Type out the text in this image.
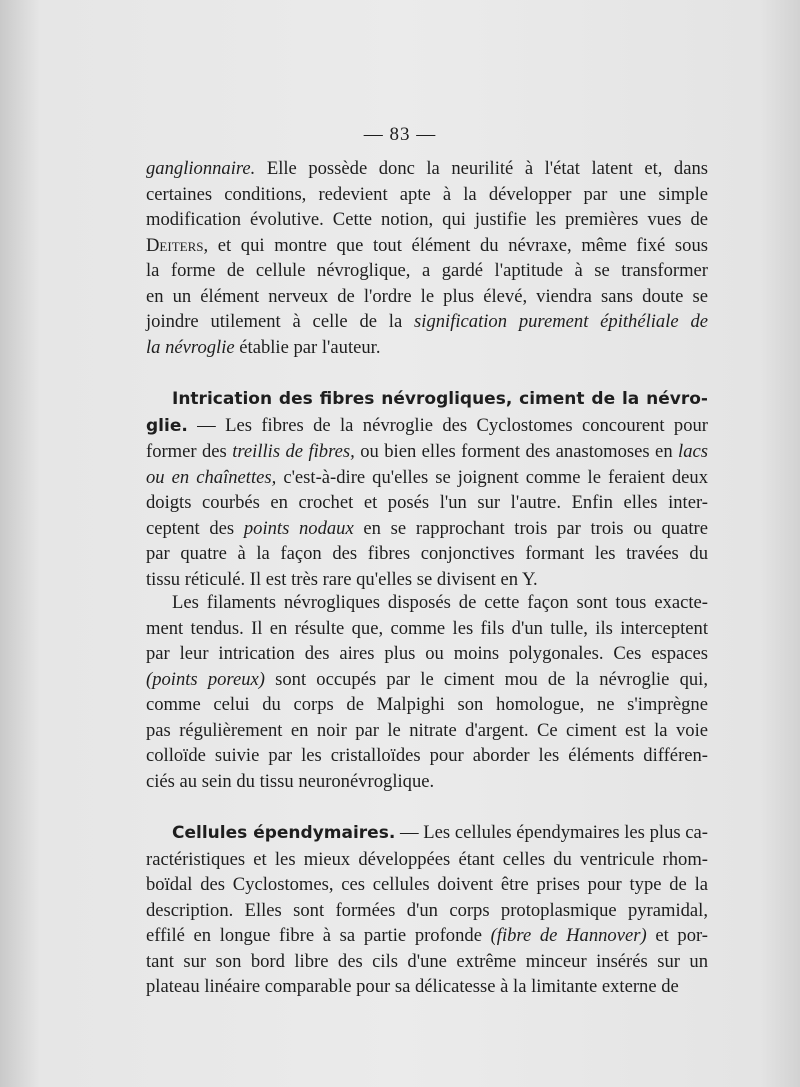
— 83 —
ganglionnaire. Elle possède donc la neurilité à l'état latent et, dans
certaines conditions, redevient apte à la développer par une simple
modification évolutive. Cette notion, qui justifie les premières vues de
Deiters, et qui montre que tout élément du névraxe, même fixé sous
la forme de cellule névroglique, a gardé l'aptitude à se transformer
en un élément nerveux de l'ordre le plus élevé, viendra sans doute se
joindre utilement à celle de la signification purement épithéliale de
la névroglie établie par l'auteur.
Intrication des fibres névrogliques, ciment de la névro-
glie. — Les fibres de la névroglie des Cyclostomes concourent pour
former des treillis de fibres, ou bien elles forment des anastomoses en lacs
ou en chaînettes, c'est-à-dire qu'elles se joignent comme le feraient deux
doigts courbés en crochet et posés l'un sur l'autre. Enfin elles inter-
ceptent des points nodaux en se rapprochant trois par trois ou quatre
par quatre à la façon des fibres conjonctives formant les travées du
tissu réticulé. Il est très rare qu'elles se divisent en Y.
Les filaments névrogliques disposés de cette façon sont tous exacte-
ment tendus. Il en résulte que, comme les fils d'un tulle, ils interceptent
par leur intrication des aires plus ou moins polygonales. Ces espaces
(points poreux) sont occupés par le ciment mou de la névroglie qui,
comme celui du corps de Malpighi son homologue, ne s'imprègne
pas régulièrement en noir par le nitrate d'argent. Ce ciment est la voie
colloïde suivie par les cristalloïdes pour aborder les éléments différen-
ciés au sein du tissu neuronévroglique.
Cellules épendymaires. — Les cellules épendymaires les plus ca-
ractéristiques et les mieux développées étant celles du ventricule rhom-
boïdal des Cyclostomes, ces cellules doivent être prises pour type de la
description. Elles sont formées d'un corps protoplasmique pyramidal,
effilé en longue fibre à sa partie profonde (fibre de Hannover) et por-
tant sur son bord libre des cils d'une extrême minceur insérés sur un
plateau linéaire comparable pour sa délicatesse à la limitante externe de
